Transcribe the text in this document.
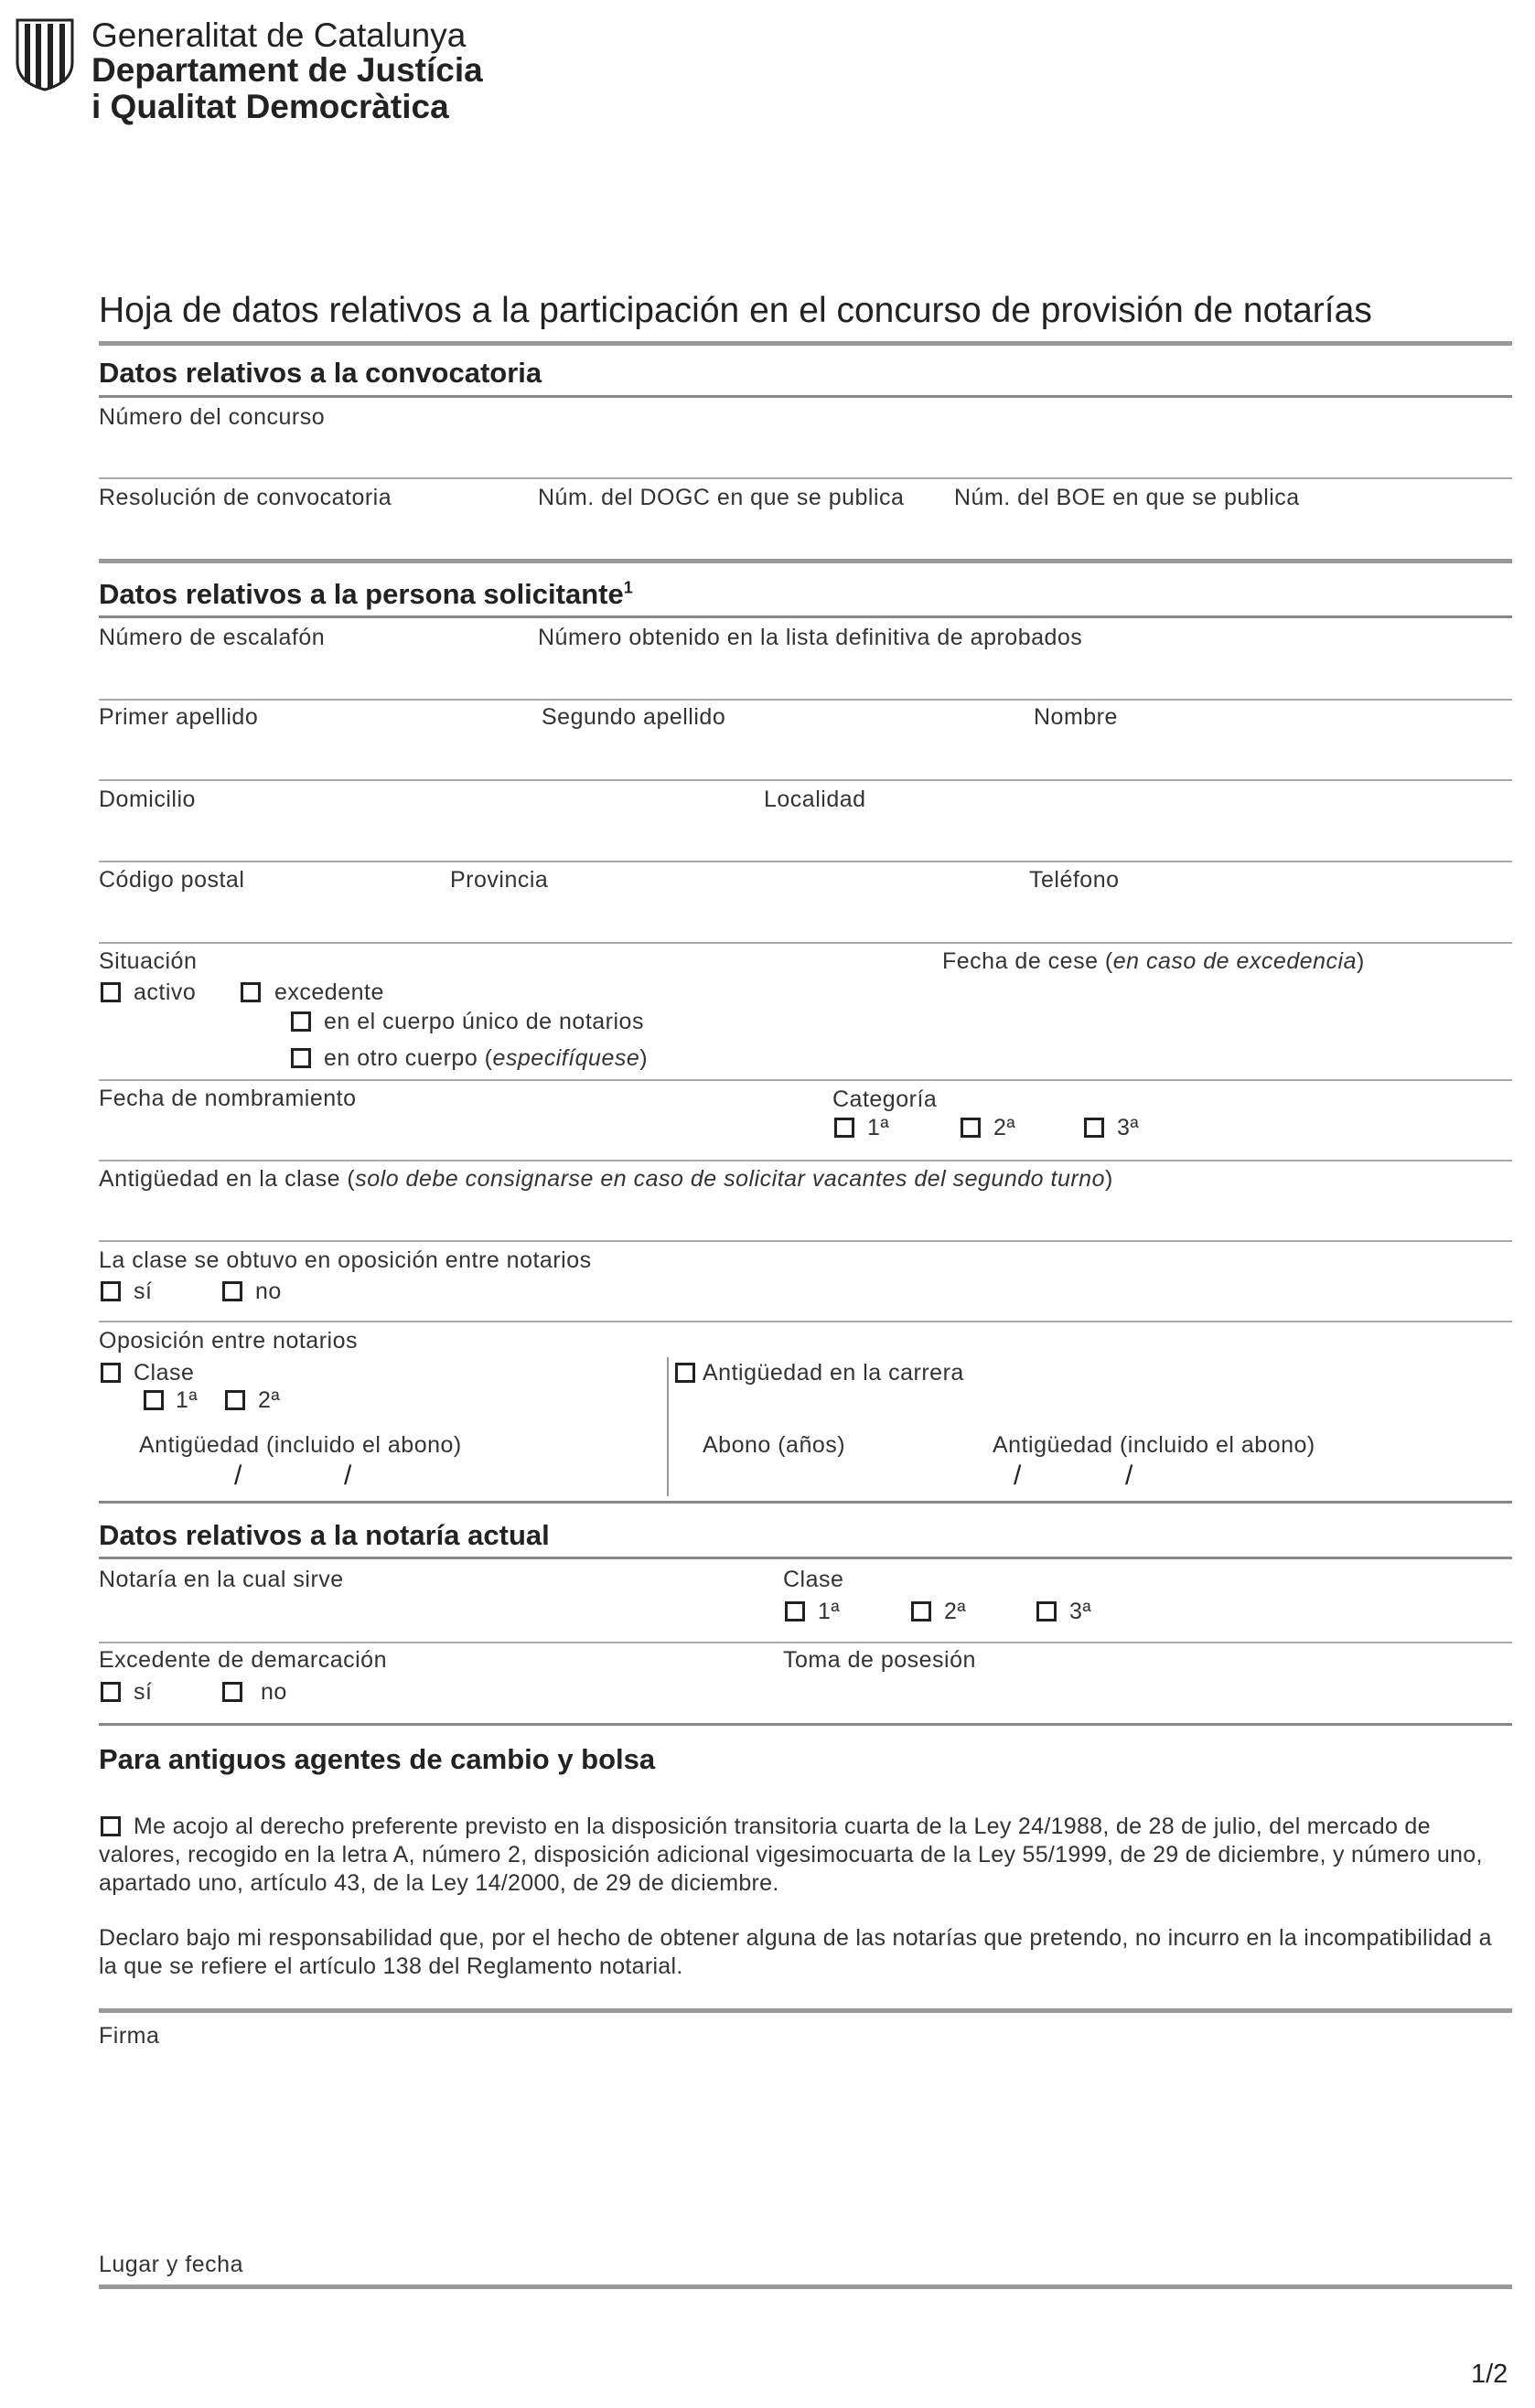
Generalitat de Catalunya
Departament de Justícia
i Qualitat Democràtica
Hoja de datos relativos a la participación en el concurso de provisión de notarías
Datos relativos a la convocatoria
Número del concurso
Resolución de convocatoria	Núm. del DOGC en que se publica Núm. del BOE en que se publica
Datos relativos a la persona solicitante$^1$
Número de escalafón	Número obtenido en la lista definitiva de aprobados
Primer apellido	Segundo apellido	Nombre
Domicilio	Localidad
Código postal	Provincia	Teléfono
Situación	Fecha de cese (en caso de excedencia)
activo	excedente
en el cuerpo único de notarios
en otro cuerpo (especifíquese)
Fecha de nombramiento	Categoría
1ª	2ª	3ª
Antigüedad en la clase (solo debe consignarse en caso de solicitar vacantes del segundo turno)
La clase se obtuvo en oposición entre notarios
sí	no
Oposición entre notarios
Clase
1ª	2ª
Antigüedad (incluido el abono)
/	/
Antigüedad en la carrera
Abono (años)	Antigüedad (incluido el abono)
/	/
Datos relativos a la notaría actual
Notaría en la cual sirve	Clase
1ª	2ª	3ª
Excedente de demarcación	Toma de posesión
sí	no
Para antiguos agentes de cambio y bolsa
Me acojo al derecho preferente previsto en la disposición transitoria cuarta de la Ley 24/1988, de 28 de julio, del mercado de valores, recogido en la letra A, número 2, disposición adicional vigesimocuarta de la Ley 55/1999, de 29 de diciembre, y número uno, apartado uno, artículo 43, de la Ley 14/2000, de 29 de diciembre.
Declaro bajo mi responsabilidad que, por el hecho de obtener alguna de las notarías que pretendo, no incurro en la incompatibilidad a la que se refiere el artículo 138 del Reglamento notarial.
Firma
Lugar y fecha
1/2
